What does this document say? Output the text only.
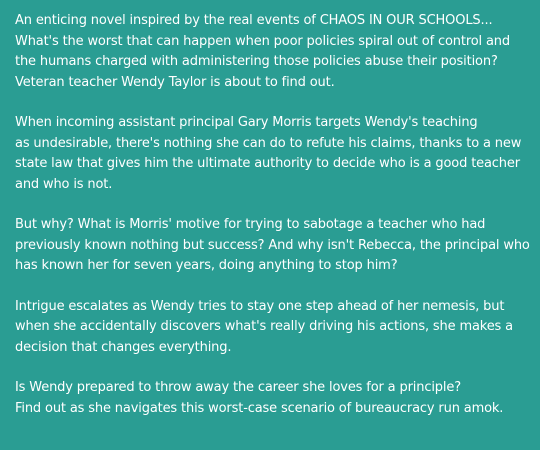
An enticing novel inspired by the real events of CHAOS IN OUR SCHOOLS...
What's the worst that can happen when poor policies spiral out of control and
the humans charged with administering those policies abuse their position?
Veteran teacher Wendy Taylor is about to find out.

When incoming assistant principal Gary Morris targets Wendy's teaching
as undesirable, there's nothing she can do to refute his claims, thanks to a new
state law that gives him the ultimate authority to decide who is a good teacher
and who is not.

But why? What is Morris' motive for trying to sabotage a teacher who had
previously known nothing but success? And why isn't Rebecca, the principal who
has known her for seven years, doing anything to stop him?

Intrigue escalates as Wendy tries to stay one step ahead of her nemesis, but
when she accidentally discovers what's really driving his actions, she makes a
decision that changes everything.

Is Wendy prepared to throw away the career she loves for a principle?
Find out as she navigates this worst-case scenario of bureaucracy run amok.
